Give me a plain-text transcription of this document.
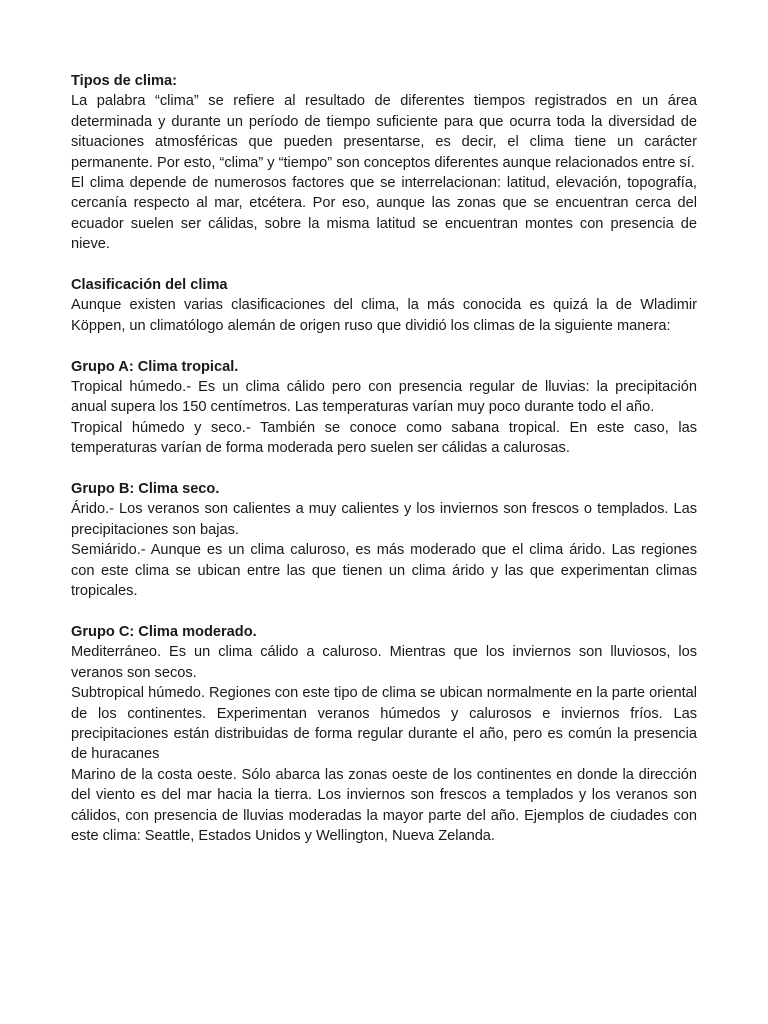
Tipos de clima:
La palabra “clima” se refiere al resultado de diferentes tiempos registrados en un área determinada y durante un período de tiempo suficiente para que ocurra toda la diversidad de situaciones atmosféricas que pueden presentarse, es decir, el clima tiene un carácter permanente. Por esto, “clima” y “tiempo” son conceptos diferentes aunque relacionados entre sí.
El clima depende de numerosos factores que se interrelacionan: latitud, elevación, topografía, cercanía respecto al mar, etcétera. Por eso, aunque las zonas que se encuentran cerca del ecuador suelen ser cálidas, sobre la misma latitud se encuentran montes con presencia de nieve.
Clasificación del clima
Aunque existen varias clasificaciones del clima, la más conocida es quizá la de Wladimir Köppen, un climatólogo alemán de origen ruso que dividió los climas de la siguiente manera:
Grupo A: Clima tropical.
Tropical húmedo.- Es un clima cálido pero con presencia regular de lluvias: la precipitación anual supera los 150 centímetros. Las temperaturas varían muy poco durante todo el año.
Tropical húmedo y seco.- También se conoce como sabana tropical. En este caso, las temperaturas varían de forma moderada pero suelen ser cálidas a calurosas.
Grupo B: Clima seco.
Árido.- Los veranos son calientes a muy calientes y los inviernos son frescos o templados. Las precipitaciones son bajas.
Semiárido.- Aunque es un clima caluroso, es más moderado que el clima árido. Las regiones con este clima se ubican entre las que tienen un clima árido y las que experimentan climas tropicales.
Grupo C: Clima moderado.
Mediterráneo. Es un clima cálido a caluroso. Mientras que los inviernos son lluviosos, los veranos son secos.
Subtropical húmedo. Regiones con este tipo de clima se ubican normalmente en la parte oriental de los continentes. Experimentan veranos húmedos y calurosos e inviernos fríos. Las precipitaciones están distribuidas de forma regular durante el año, pero es común la presencia de huracanes
Marino de la costa oeste. Sólo abarca las zonas oeste de los continentes en donde la dirección del viento es del mar hacia la tierra. Los inviernos son frescos a templados y los veranos son cálidos, con presencia de lluvias moderadas la mayor parte del año. Ejemplos de ciudades con este clima: Seattle, Estados Unidos y Wellington, Nueva Zelanda.
